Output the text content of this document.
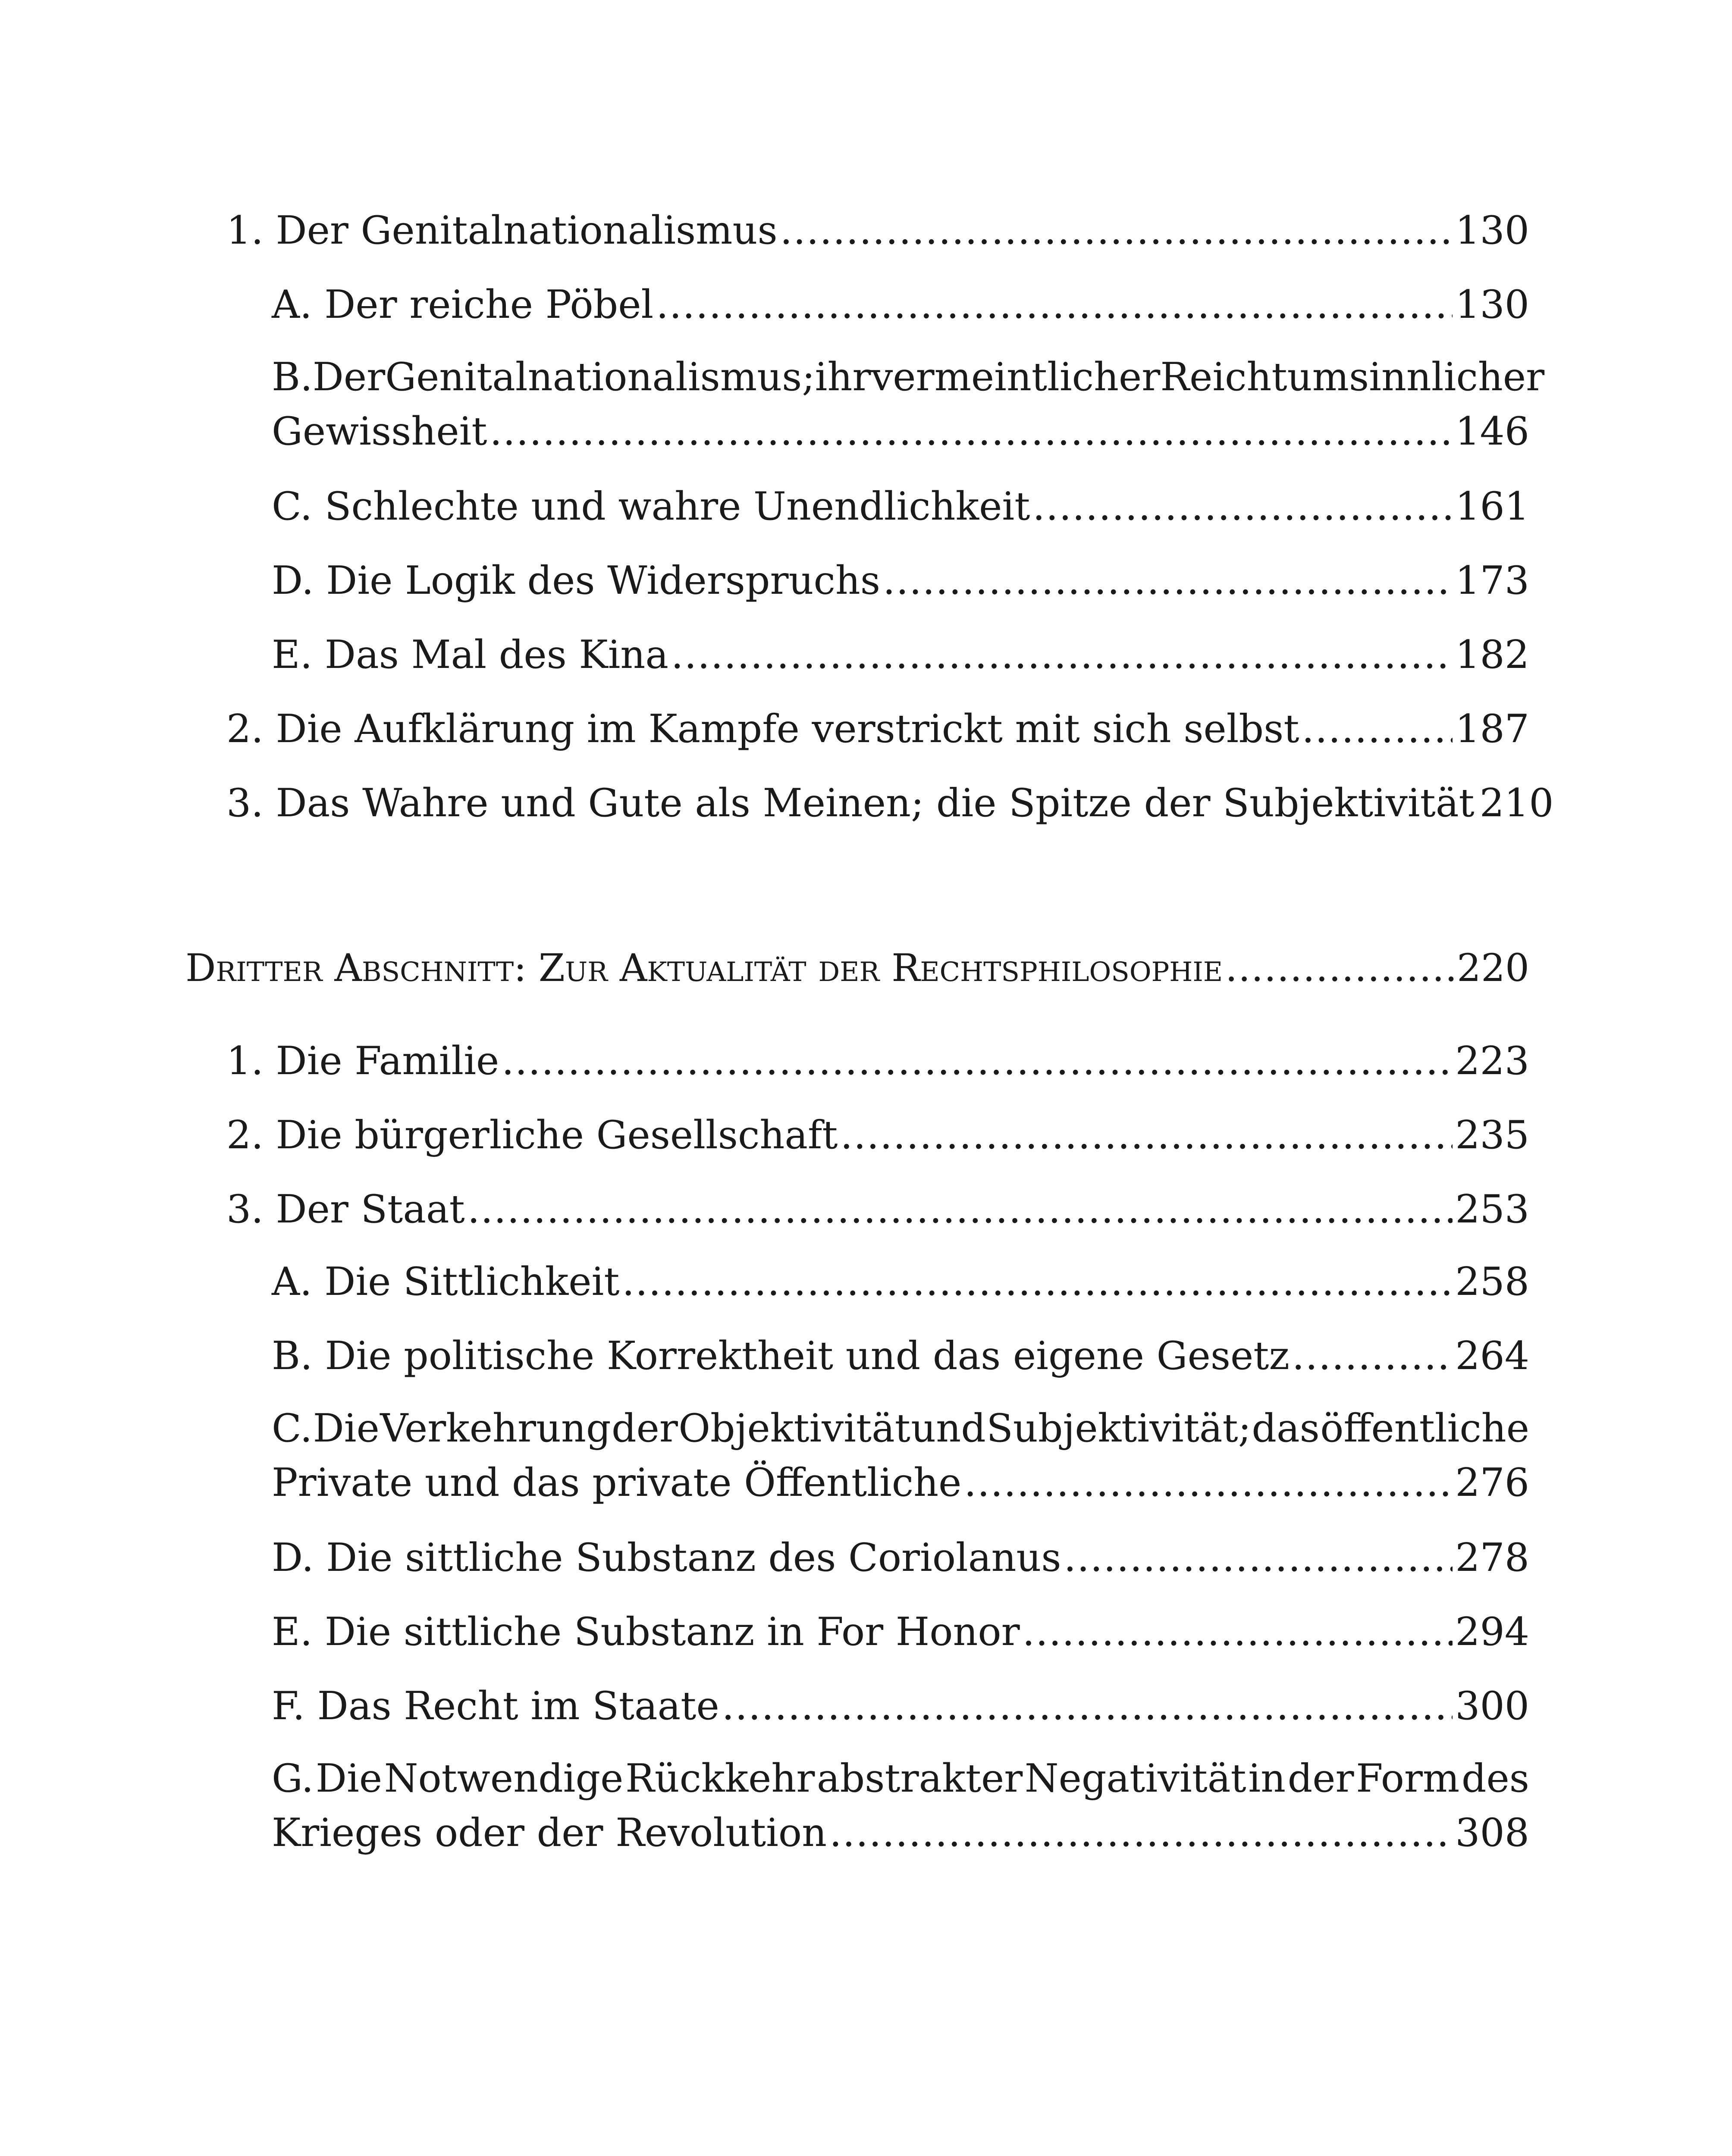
1. Der Genitalnationalismus .....	130
A. Der reiche Pöbel .....	130
B. Der Genitalnationalismus; ihr vermeintlicher Reichtum sinnlicher
Gewissheit .....	146
C. Schlechte und wahre Unendlichkeit .....	161
D. Die Logik des Widerspruchs .....	173
E. Das Mal des Kina .....	182
2. Die Aufklärung im Kampfe verstrickt mit sich selbst .....	187
3. Das Wahre und Gute als Meinen; die Spitze der Subjektivität 210
Dritter Abschnitt: Zur Aktualität der Rechtsphilosophie .....	220
1. Die Familie .....	223
2. Die bürgerliche Gesellschaft .....	235
3. Der Staat .....	253
A. Die Sittlichkeit .....	258
B. Die politische Korrektheit und das eigene Gesetz .....	264
C. Die Verkehrung der Objektivität und Subjektivität; das öffentliche
Private und das private Öffentliche .....	276
D. Die sittliche Substanz des Coriolanus .....	278
E. Die sittliche Substanz in For Honor .....	294
F. Das Recht im Staate .....	300
G. Die Notwendige Rückkehr abstrakter Negativität in der Form des
Krieges oder der Revolution .....	308
